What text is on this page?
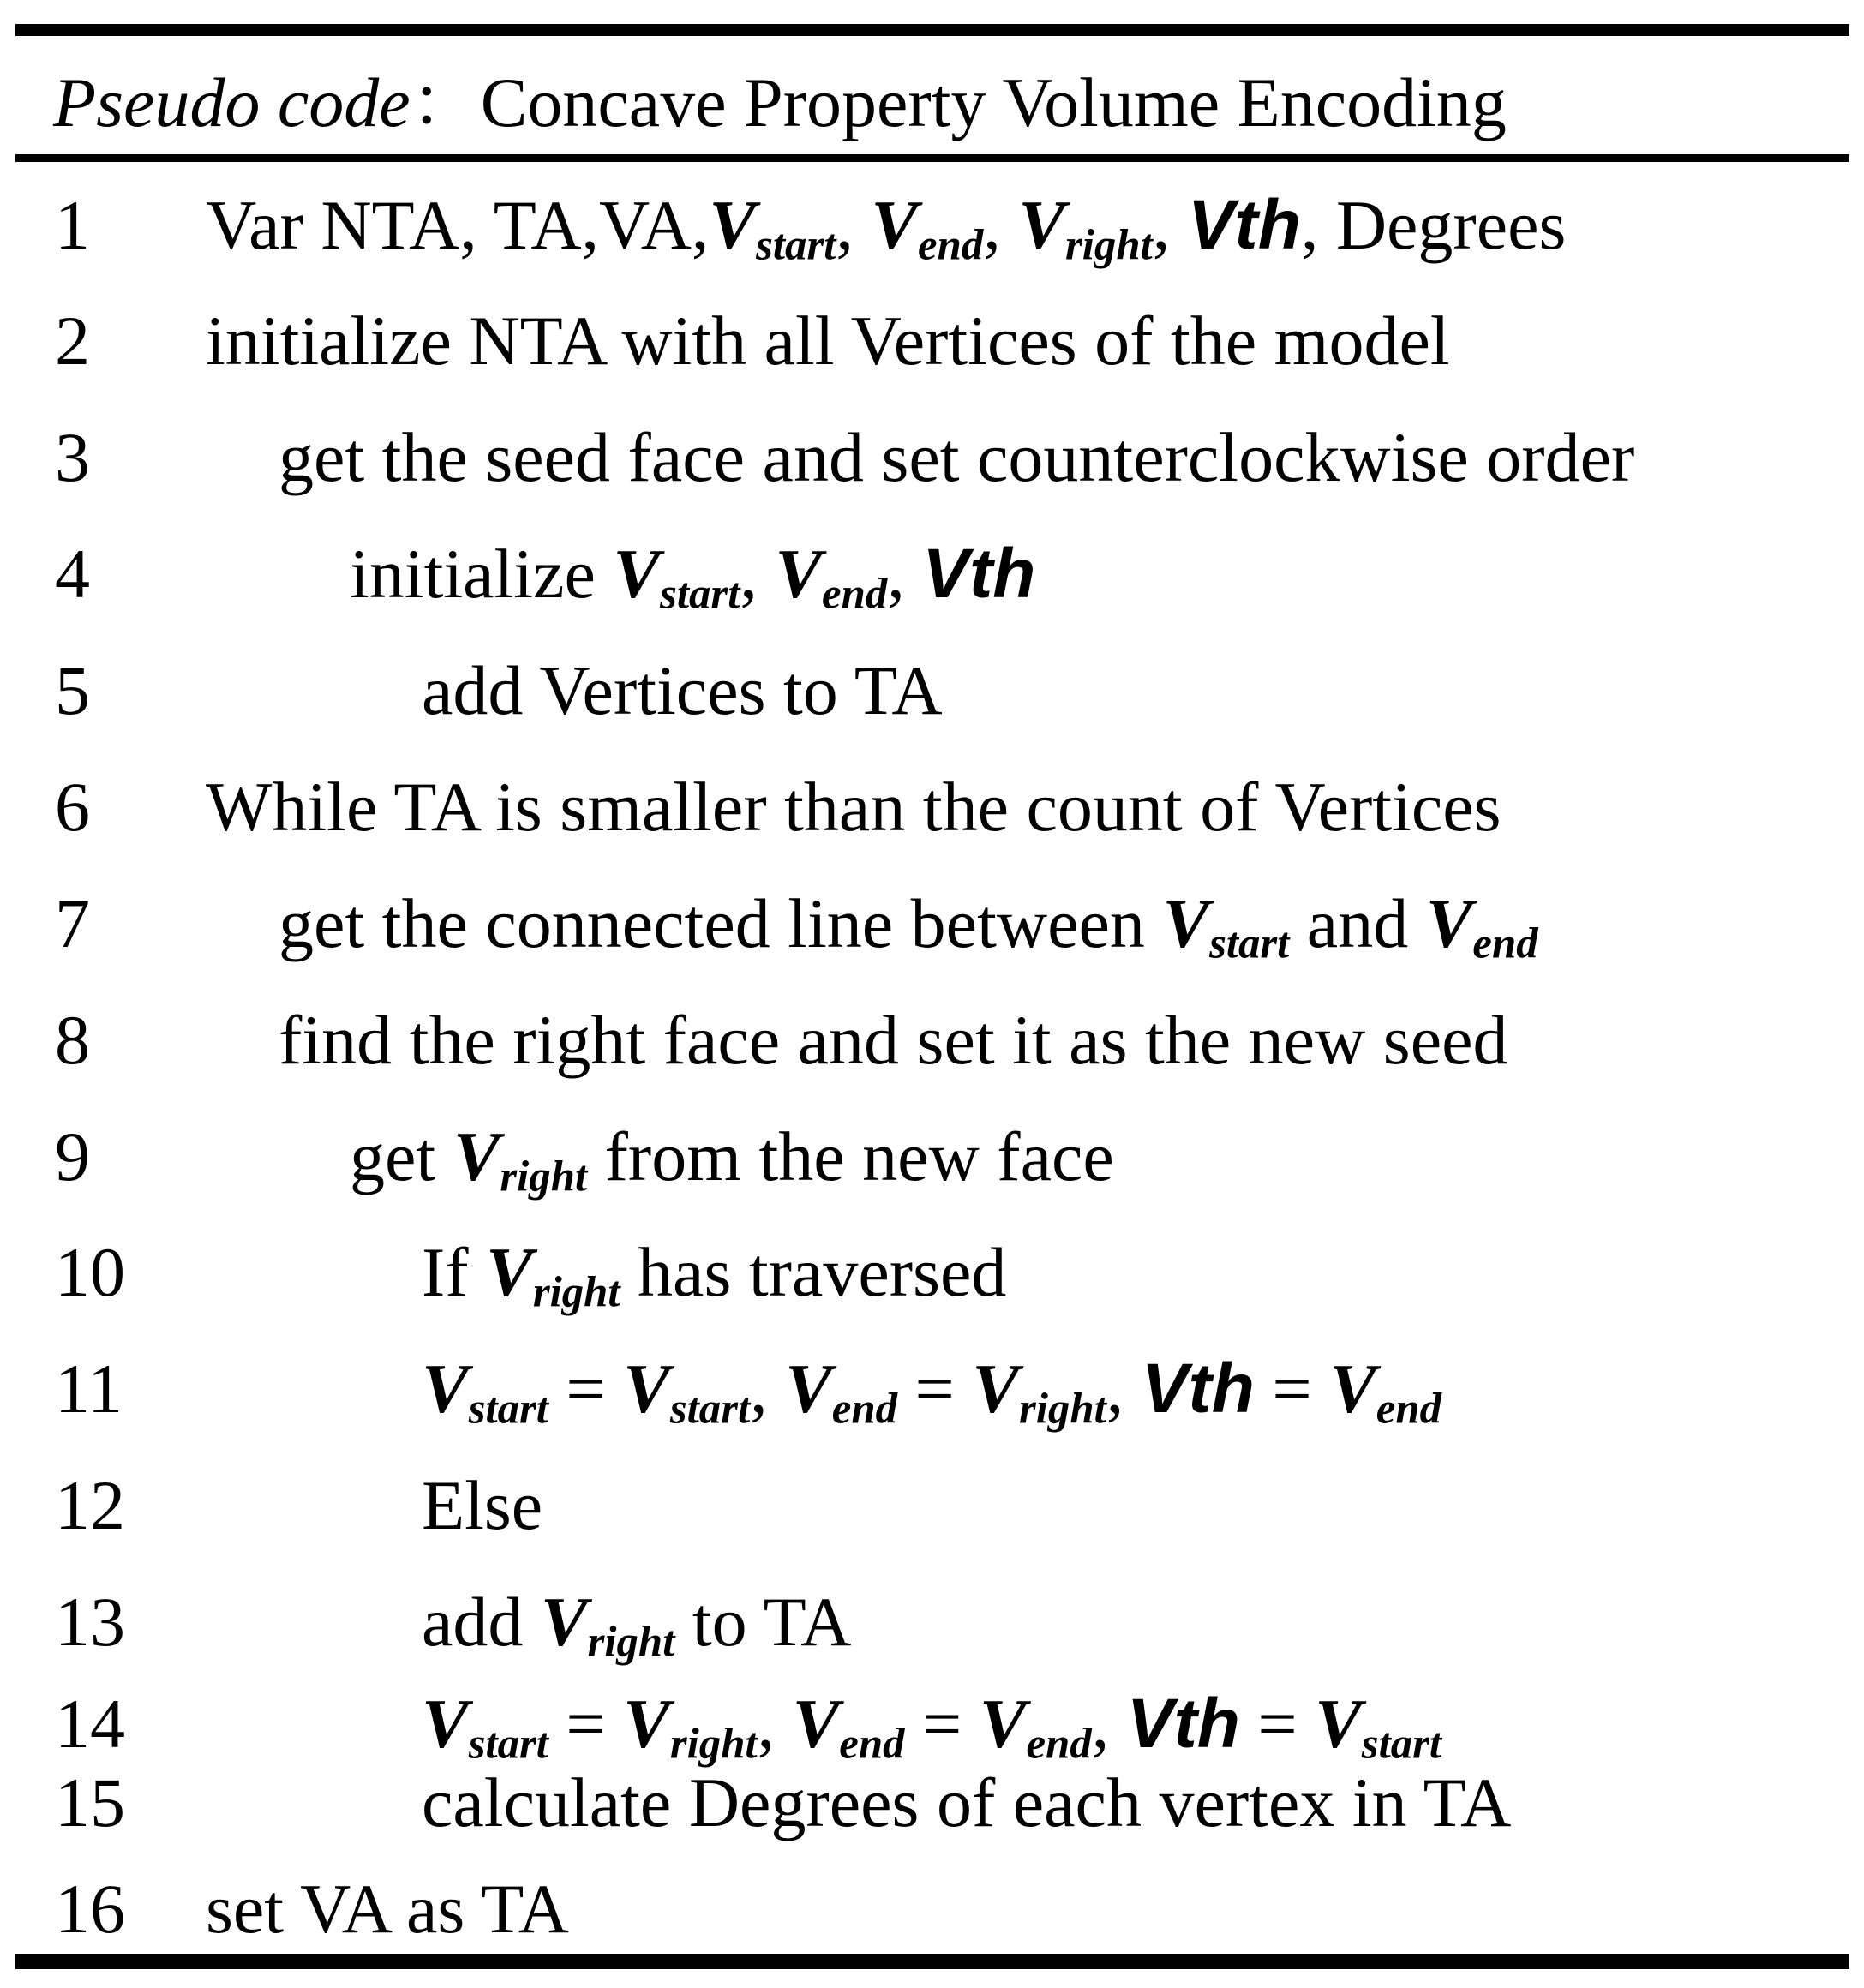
Pseudo code：Concave Property Volume Encoding
1 Var NTA, $TA,VA,V_{start}$, $V_{end}$, $V_{right}$, Vth, Degrees
2 initialize NTA with all Vertices of the model
3	get the seed face and set counterclockwise order
4	initialize $V_{start}$, $V_{end}$, Vth
5	add Vertices to TA
6 While TA is smaller than the count of Vertices
7	get the connected line between $V_{start}$ and $V_{end}$
8	find the right face and set it as the new seed
9	get $V_{right}$ from the new face
10	If $V_{right}$ has traversed
11	$V_{start} = V_{start}$, $V_{end} = V_{right}$, Vth = $V_{end}$
12	Else
13	add $V_{right}$ to TA
14	$V_{start} = V_{right}$, $V_{end} = V_{end}$, Vth = $V_{start}$
15	calculate Degrees of each vertex in TA
16 set VA as TA
